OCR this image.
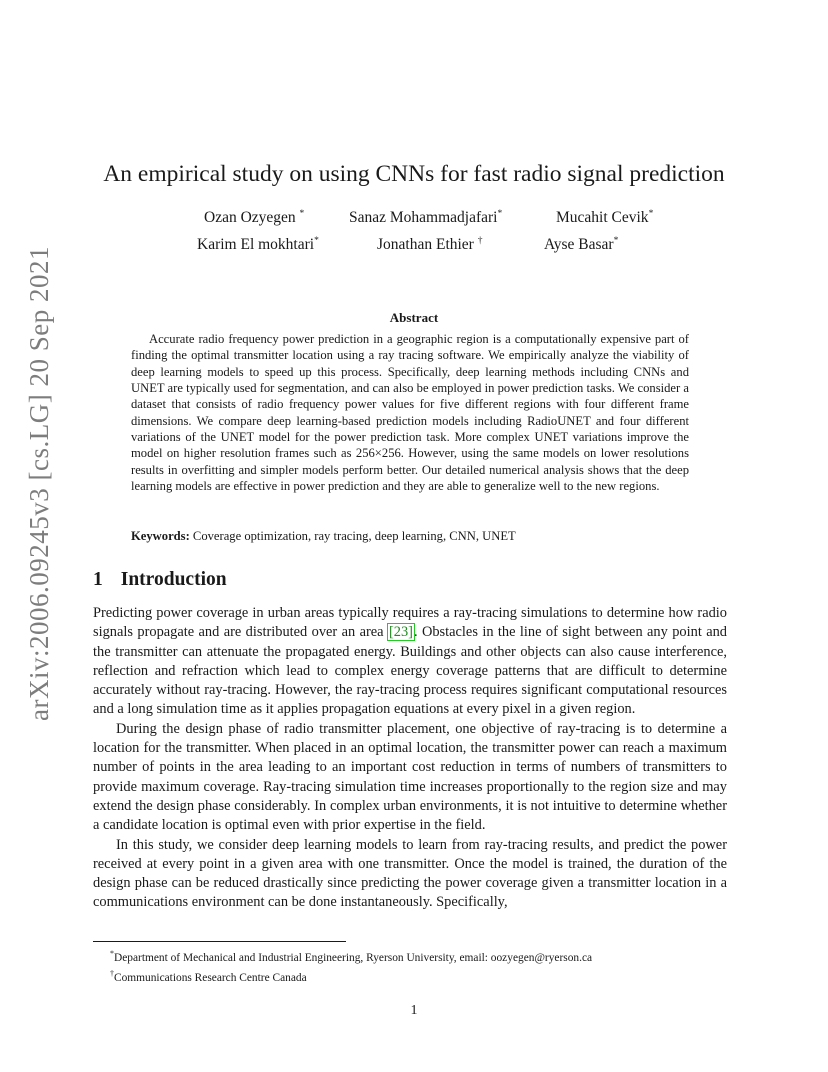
arXiv:2006.09245v3 [cs.LG] 20 Sep 2021
An empirical study on using CNNs for fast radio signal prediction
Ozan Ozyegen *	Sanaz Mohammadjafari*	Mucahit Cevik*
Karim El mokhtari*	Jonathan Ethier †	Ayse Basar*
Abstract

Accurate radio frequency power prediction in a geographic region is a computationally expensive part of finding the optimal transmitter location using a ray tracing software. We empirically analyze the viability of deep learning models to speed up this process. Specifically, deep learning methods including CNNs and UNET are typically used for segmentation, and can also be employed in power prediction tasks. We consider a dataset that consists of radio frequency power values for five different regions with four different frame dimensions. We compare deep learning-based prediction models including RadioUNET and four different variations of the UNET model for the power prediction task. More complex UNET variations improve the model on higher resolution frames such as 256×256. However, using the same models on lower resolutions results in overfitting and simpler models perform better. Our detailed numerical analysis shows that the deep learning models are effective in power prediction and they are able to generalize well to the new regions.

Keywords: Coverage optimization, ray tracing, deep learning, CNN, UNET
1 Introduction

Predicting power coverage in urban areas typically requires a ray-tracing simulations to determine how radio signals propagate and are distributed over an area [23]. Obstacles in the line of sight between any point and the transmitter can attenuate the propagated energy. Buildings and other objects can also cause interference, reflection and refraction which lead to complex energy coverage patterns that are difficult to determine accurately without ray-tracing. However, the ray-tracing process requires significant computational resources and a long simulation time as it applies propagation equations at every pixel in a given region.

During the design phase of radio transmitter placement, one objective of ray-tracing is to determine a location for the transmitter. When placed in an optimal location, the transmitter power can reach a maximum number of points in the area leading to an important cost reduction in terms of numbers of transmitters to provide maximum coverage. Ray-tracing simulation time increases proportionally to the region size and may extend the design phase considerably. In complex urban environments, it is not intuitive to determine whether a candidate location is optimal even with prior expertise in the field.

In this study, we consider deep learning models to learn from ray-tracing results, and predict the power received at every point in a given area with one transmitter. Once the model is trained, the duration of the design phase can be reduced drastically since predicting the power coverage given a transmitter location in a communications environment can be done instantaneously. Specifically,

*Department of Mechanical and Industrial Engineering, Ryerson University, email: oozyegen@ryerson.ca
†Communications Research Centre Canada
1
